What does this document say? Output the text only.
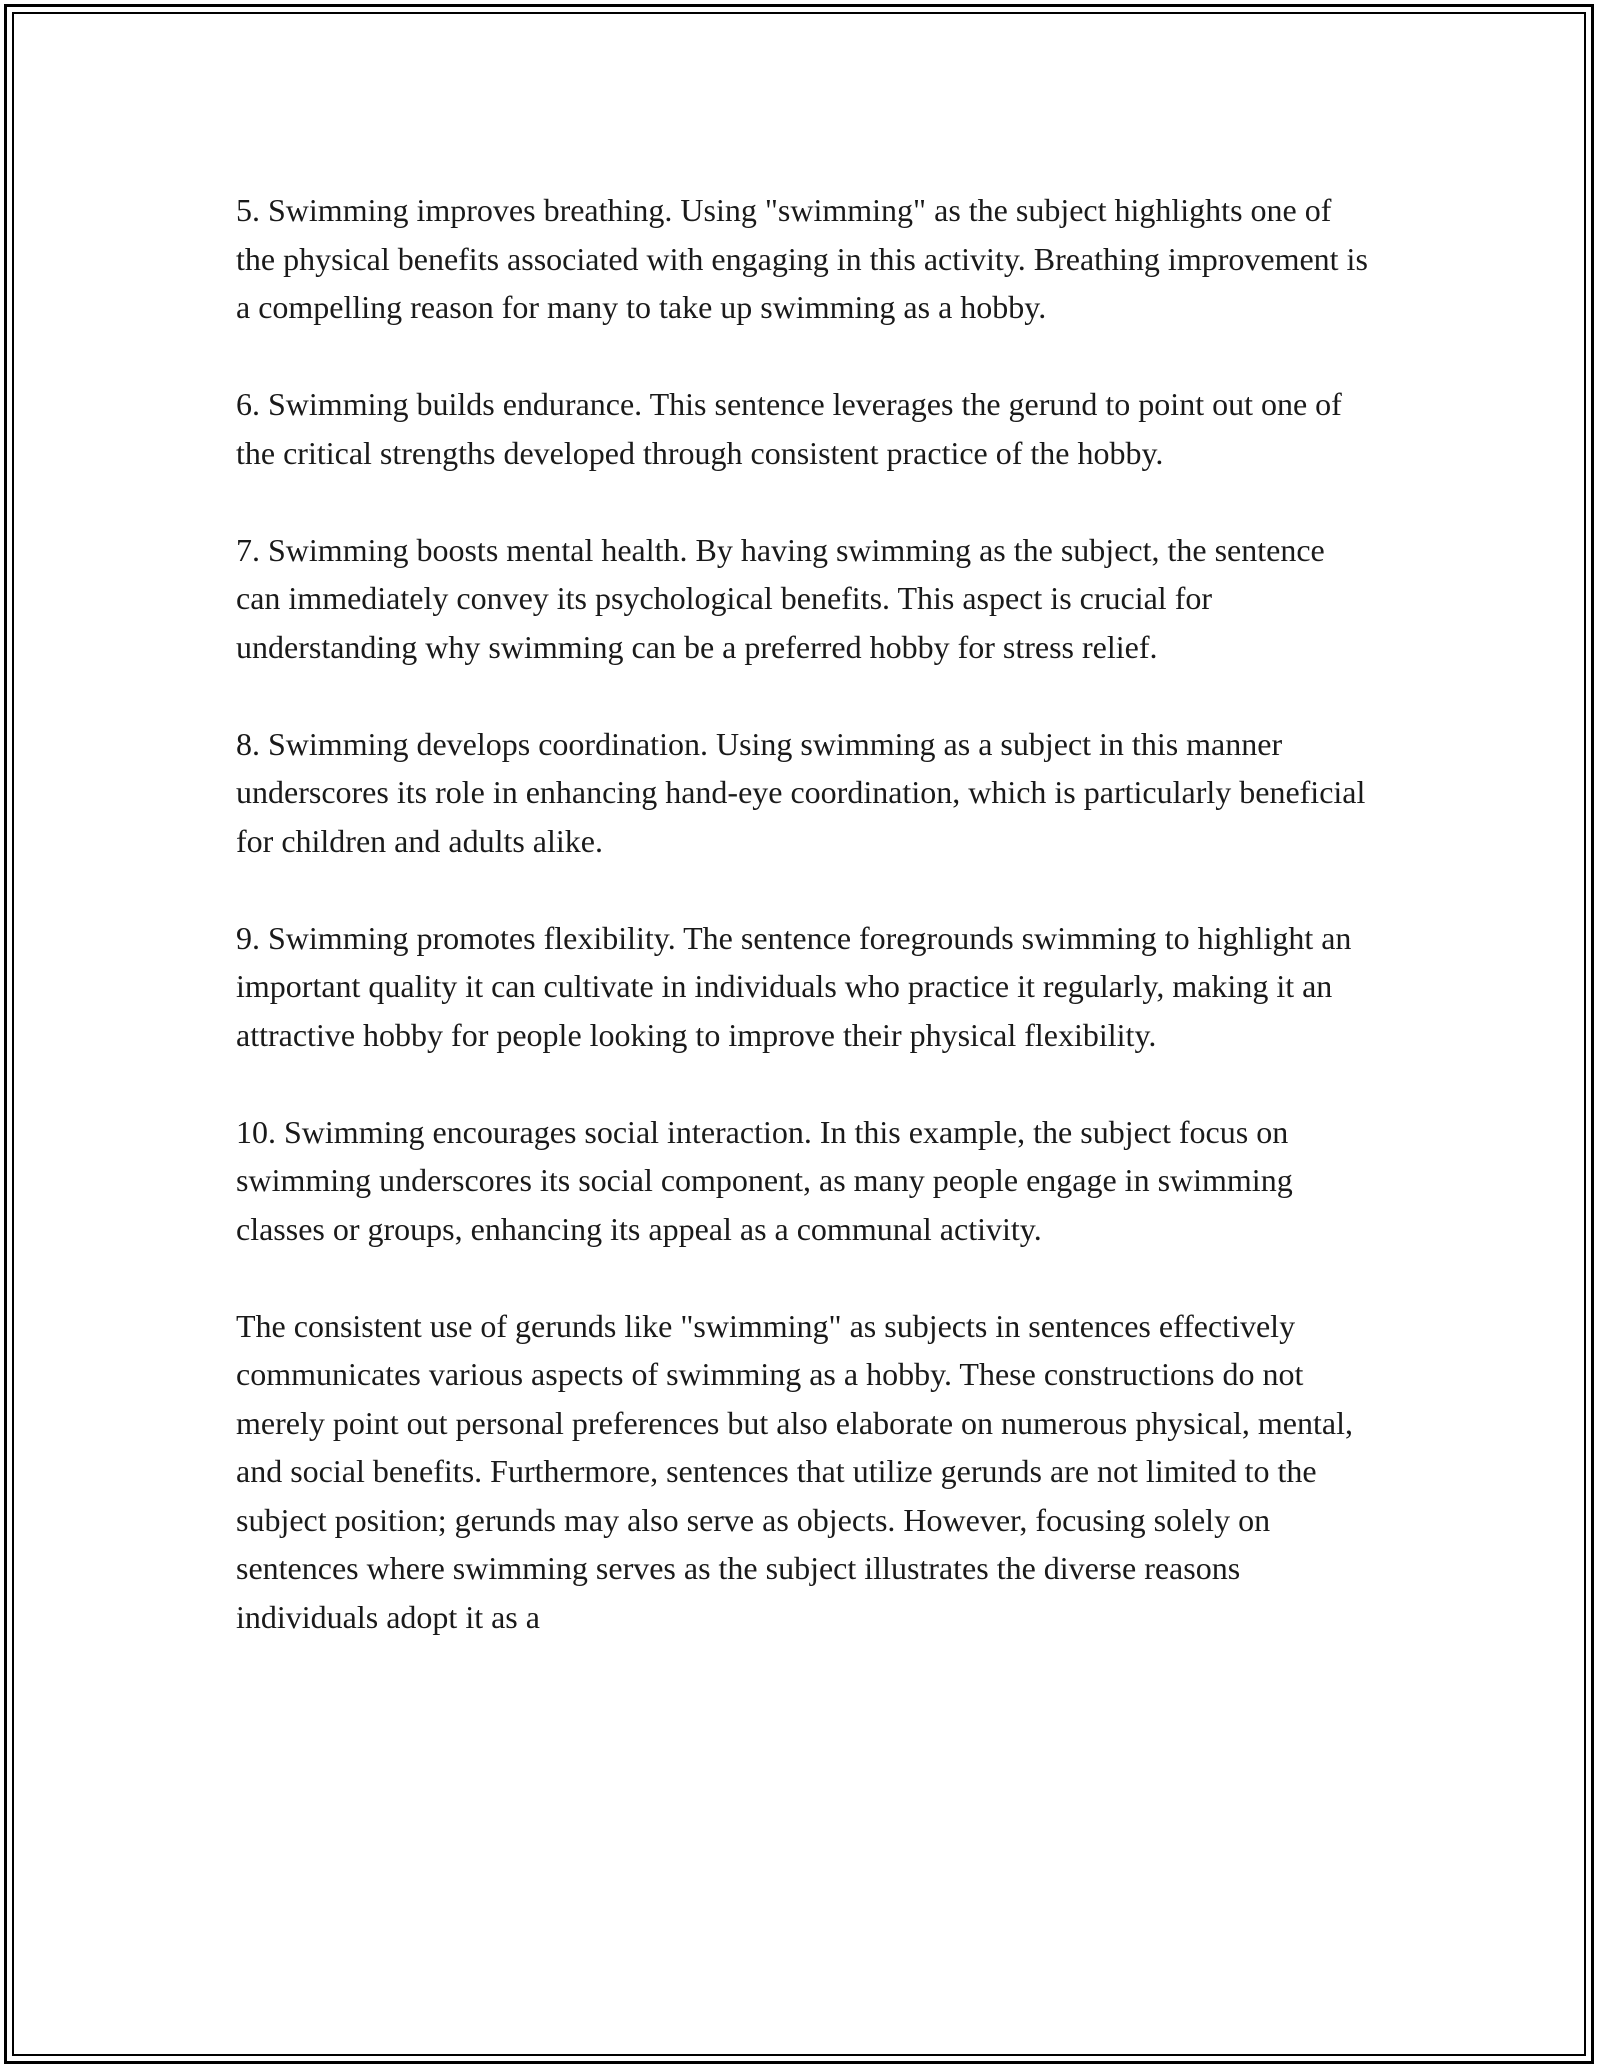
5. Swimming improves breathing. Using "swimming" as the subject highlights one of the physical benefits associated with engaging in this activity. Breathing improvement is a compelling reason for many to take up swimming as a hobby.

6. Swimming builds endurance. This sentence leverages the gerund to point out one of the critical strengths developed through consistent practice of the hobby.

7. Swimming boosts mental health. By having swimming as the subject, the sentence can immediately convey its psychological benefits. This aspect is crucial for understanding why swimming can be a preferred hobby for stress relief.

8. Swimming develops coordination. Using swimming as a subject in this manner underscores its role in enhancing hand-eye coordination, which is particularly beneficial for children and adults alike.

9. Swimming promotes flexibility. The sentence foregrounds swimming to highlight an important quality it can cultivate in individuals who practice it regularly, making it an attractive hobby for people looking to improve their physical flexibility.

10. Swimming encourages social interaction. In this example, the subject focus on swimming underscores its social component, as many people engage in swimming classes or groups, enhancing its appeal as a communal activity.

The consistent use of gerunds like "swimming" as subjects in sentences effectively communicates various aspects of swimming as a hobby. These constructions do not merely point out personal preferences but also elaborate on numerous physical, mental, and social benefits. Furthermore, sentences that utilize gerunds are not limited to the subject position; gerunds may also serve as objects. However, focusing solely on sentences where swimming serves as the subject illustrates the diverse reasons individuals adopt it as a
